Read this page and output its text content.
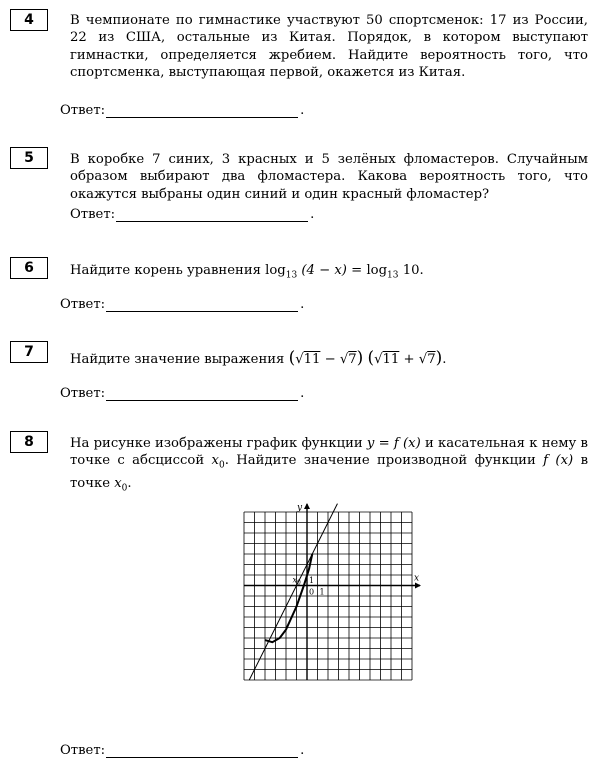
4	В чемпионате по гимнастике участвуют 50 спортсменок: 17 из России, 22 из США, остальные из Китая. Порядок, в котором выступают гимнастки, определяется жребием. Найдите вероятность того, что спортсменка, выступающая первой, окажется из Китая.
Ответ:	.
5	В коробке 7 синих, 3 красных и 5 зелёных фломастеров. Случайным образом выбирают два фломастера. Какова вероятность того, что окажутся выбраны один синий и один красный фломастер?
Ответ:	.
6	Найдите корень уравнения $\log_{13} (4 - x) = \log_{13} 10$.
Ответ:	.
7	Найдите значение выражения (√11 − √7) (√11 + √7).
Ответ:	.
8	На рисунке изображены график функции y = f (x) и касательная к нему в точке с абсциссой $x_0$. Найдите значение производной функции f (x) в точке $x_0$.
x
y
0 1
1
$x_0$
Ответ:	.
